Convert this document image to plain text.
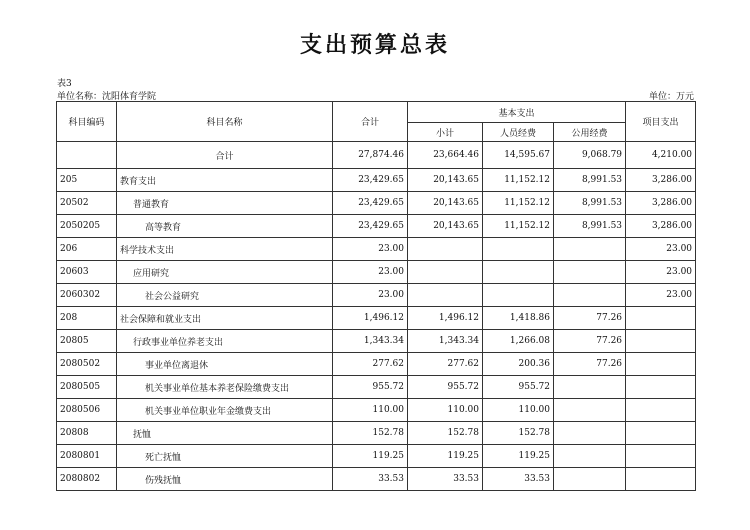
支出预算总表
表3
单位名称：沈阳体育学院	单位：万元
科目编码	科目名称	合计	基本支出			项目支出
			小计	人员经费	公用经费	
	合计	27,874.46	23,664.46	14,595.67	9,068.79	4,210.00
205	教育支出	23,429.65	20,143.65	11,152.12	8,991.53	3,286.00
20502	普通教育	23,429.65	20,143.65	11,152.12	8,991.53	3,286.00
2050205	高等教育	23,429.65	20,143.65	11,152.12	8,991.53	3,286.00
206	科学技术支出	23.00				23.00
20603	应用研究	23.00				23.00
2060302	社会公益研究	23.00				23.00
208	社会保障和就业支出	1,496.12	1,496.12	1,418.86	77.26	
20805	行政事业单位养老支出	1,343.34	1,343.34	1,266.08	77.26	
2080502	事业单位离退休	277.62	277.62	200.36	77.26	
2080505	机关事业单位基本养老保险缴费支出	955.72	955.72	955.72		
2080506	机关事业单位职业年金缴费支出	110.00	110.00	110.00		
20808	抚恤	152.78	152.78	152.78		
2080801	死亡抚恤	119.25	119.25	119.25		
2080802	伤残抚恤	33.53	33.53	33.53		
